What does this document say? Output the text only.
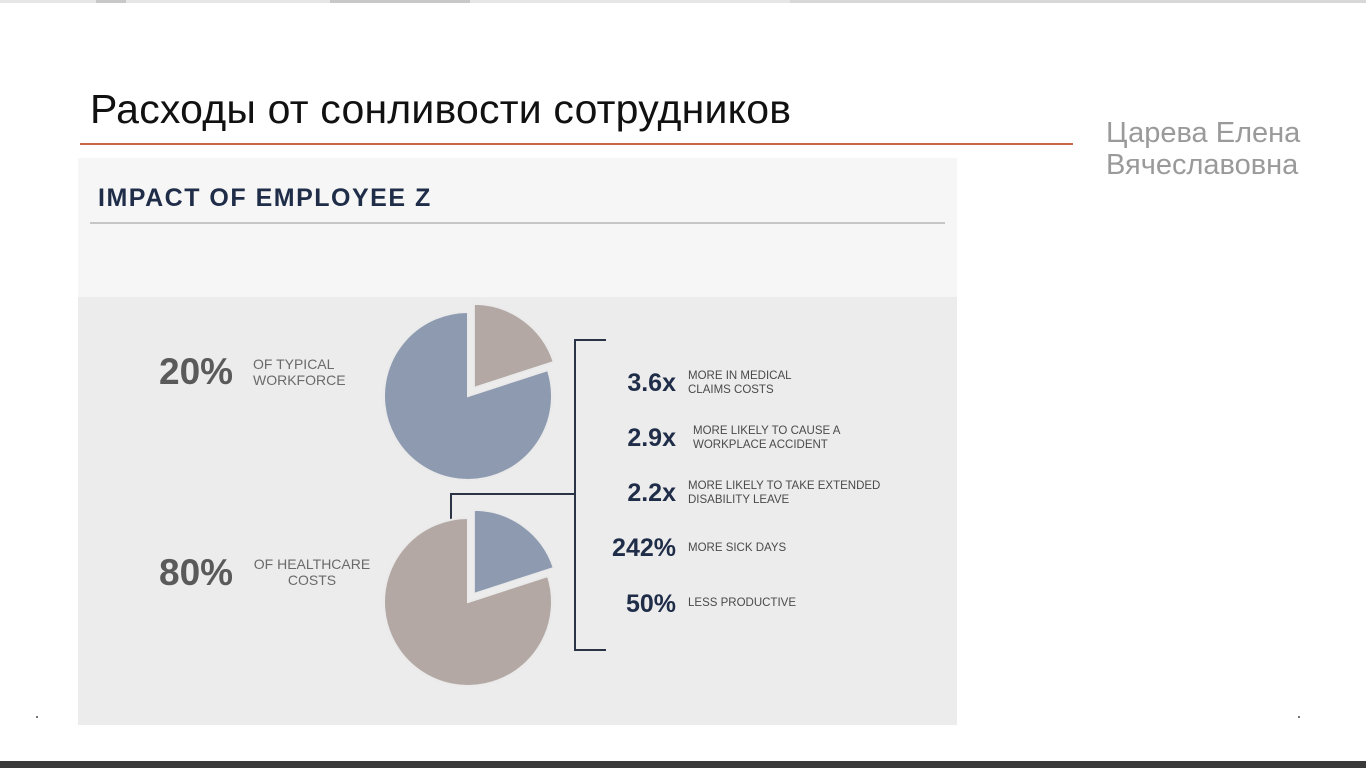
Расходы от сонливости сотрудников
Царева Елена
Вячеславовна
IMPACT OF EMPLOYEE Z
20% OF TYPICAL
WORKFORCE
80% OF HEALTHCARE
COSTS
3.6x MORE IN MEDICAL
CLAIMS COSTS
2.9x MORE LIKELY TO CAUSE A
WORKPLACE ACCIDENT
2.2x MORE LIKELY TO TAKE EXTENDED
DISABILITY LEAVE
242% MORE SICK DAYS
50% LESS PRODUCTIVE
